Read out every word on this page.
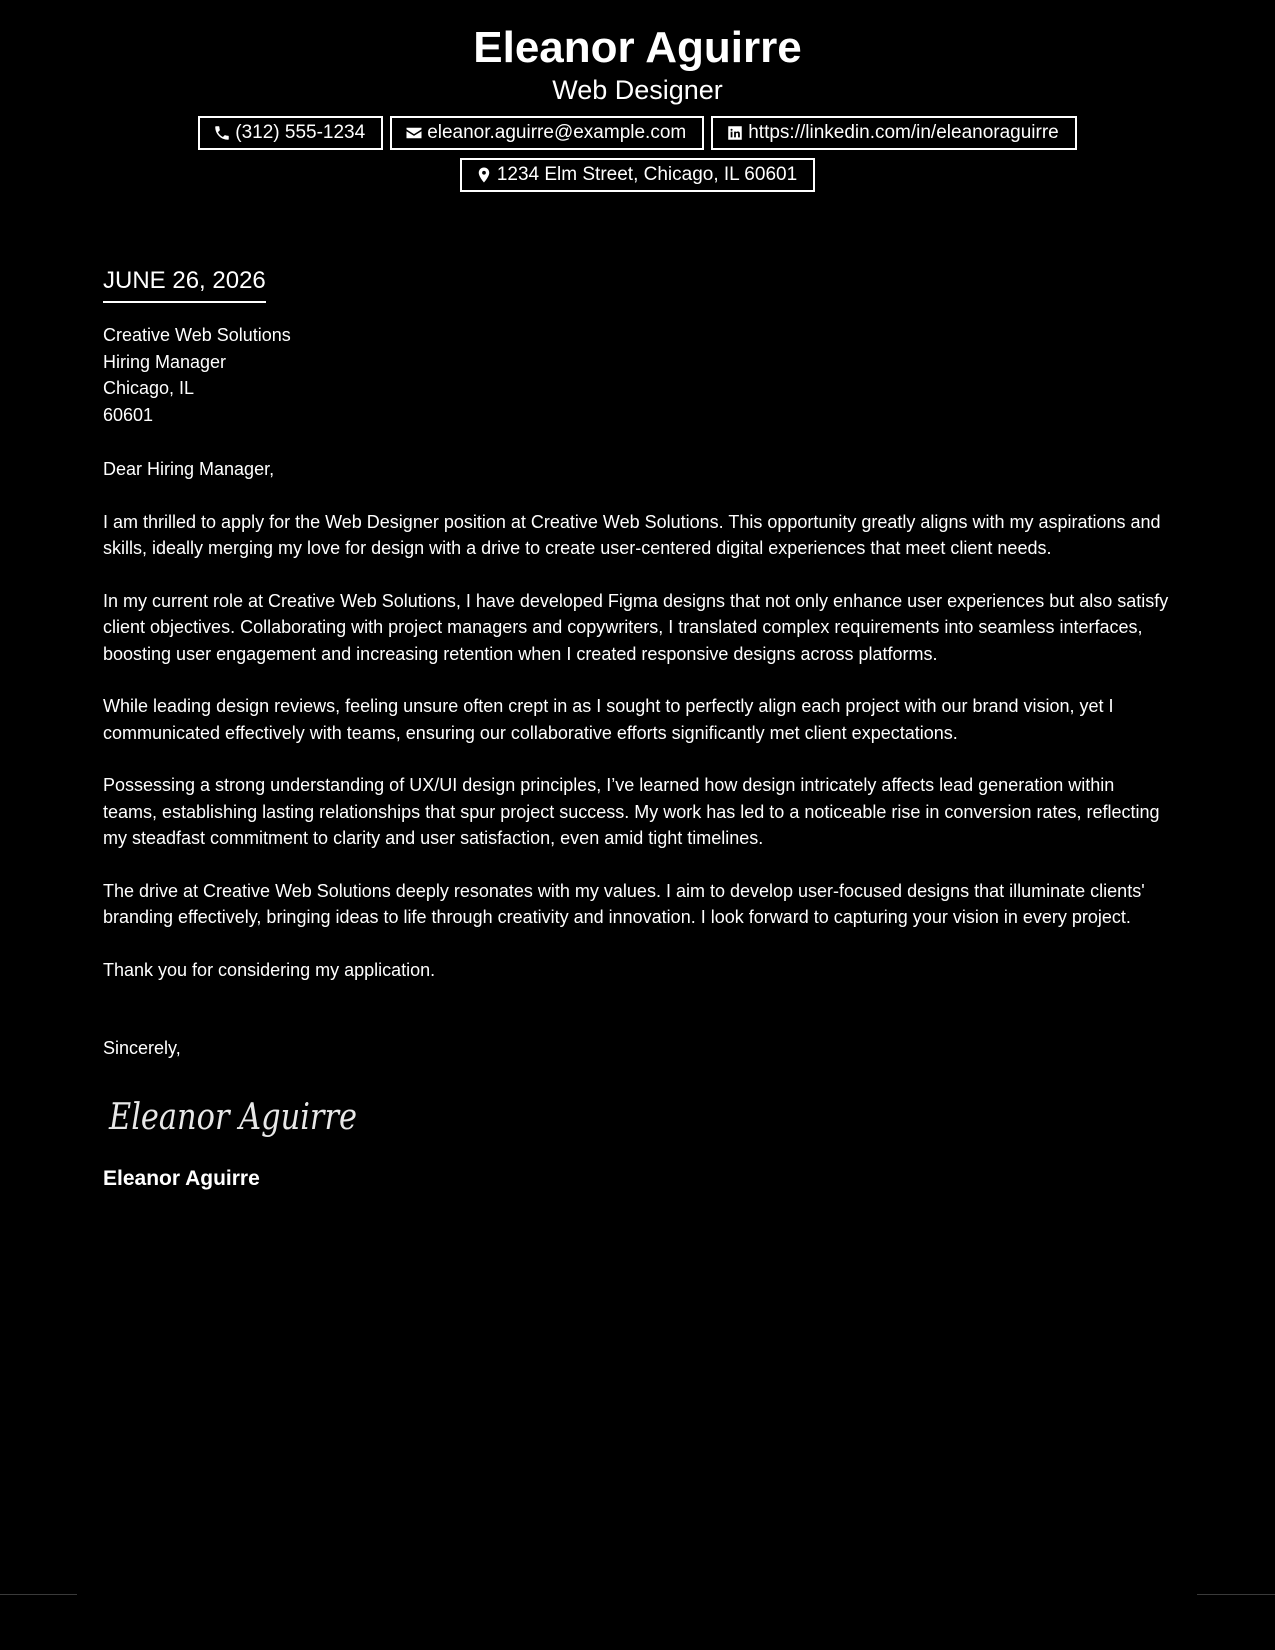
Eleanor Aguirre
Web Designer
(312) 555-1234	eleanor.aguirre@example.com	https://linkedin.com/in/eleanoraguirre
1234 Elm Street, Chicago, IL 60601
JUNE 26, 2026
Creative Web Solutions
Hiring Manager
Chicago, IL
60601

Dear Hiring Manager,

I am thrilled to apply for the Web Designer position at Creative Web Solutions. This opportunity greatly aligns with my aspirations and skills, ideally merging my love for design with a drive to create user-centered digital experiences that meet client needs.

In my current role at Creative Web Solutions, I have developed Figma designs that not only enhance user experiences but also satisfy client objectives. Collaborating with project managers and copywriters, I translated complex requirements into seamless interfaces, boosting user engagement and increasing retention when I created responsive designs across platforms.

While leading design reviews, feeling unsure often crept in as I sought to perfectly align each project with our brand vision, yet I communicated effectively with teams, ensuring our collaborative efforts significantly met client expectations.

Possessing a strong understanding of UX/UI design principles, I’ve learned how design intricately affects lead generation within teams, establishing lasting relationships that spur project success. My work has led to a noticeable rise in conversion rates, reflecting my steadfast commitment to clarity and user satisfaction, even amid tight timelines.

The drive at Creative Web Solutions deeply resonates with my values. I aim to develop user-focused designs that illuminate clients' branding effectively, bringing ideas to life through creativity and innovation. I look forward to capturing your vision in every project.

Thank you for considering my application.

Sincerely,
Eleanor Aguirre
Eleanor Aguirre
